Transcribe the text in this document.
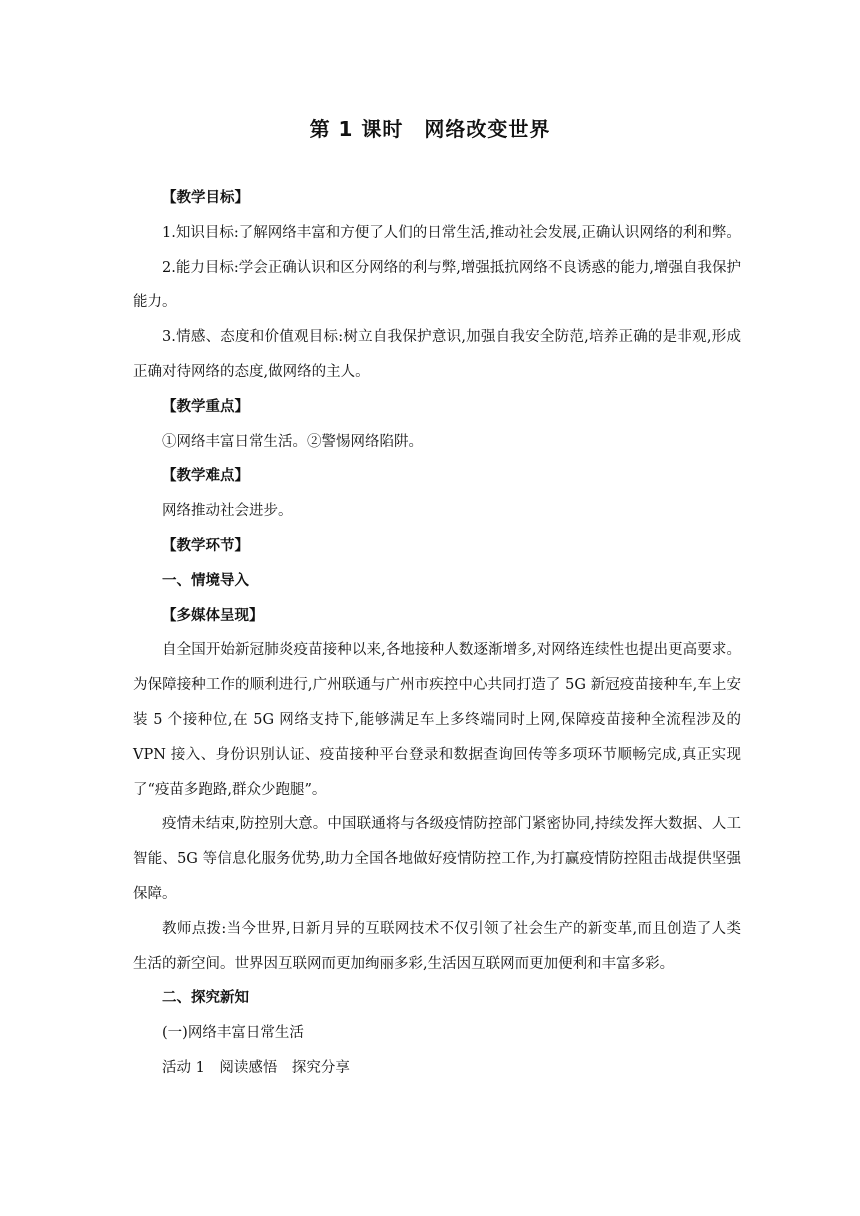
第 1 课时　网络改变世界

【教学目标】

1.知识目标:了解网络丰富和方便了人们的日常生活,推动社会发展,正确认识网络的利和弊。

2.能力目标:学会正确认识和区分网络的利与弊,增强抵抗网络不良诱惑的能力,增强自我保护能力。

3.情感、态度和价值观目标:树立自我保护意识,加强自我安全防范,培养正确的是非观,形成正确对待网络的态度,做网络的主人。

【教学重点】

①网络丰富日常生活。②警惕网络陷阱。

【教学难点】

网络推动社会进步。

【教学环节】

一、情境导入

【多媒体呈现】

自全国开始新冠肺炎疫苗接种以来,各地接种人数逐渐增多,对网络连续性也提出更高要求。为保障接种工作的顺利进行,广州联通与广州市疾控中心共同打造了 5G 新冠疫苗接种车,车上安装 5 个接种位,在 5G 网络支持下,能够满足车上多终端同时上网,保障疫苗接种全流程涉及的 VPN 接入、身份识别认证、疫苗接种平台登录和数据查询回传等多项环节顺畅完成,真正实现了“疫苗多跑路,群众少跑腿”。

疫情未结束,防控别大意。中国联通将与各级疫情防控部门紧密协同,持续发挥大数据、人工智能、5G 等信息化服务优势,助力全国各地做好疫情防控工作,为打赢疫情防控阻击战提供坚强保障。

教师点拨:当今世界,日新月异的互联网技术不仅引领了社会生产的新变革,而且创造了人类生活的新空间。世界因互联网而更加绚丽多彩,生活因互联网而更加便利和丰富多彩。

二、探究新知

(一)网络丰富日常生活

活动 1　阅读感悟　探究分享
